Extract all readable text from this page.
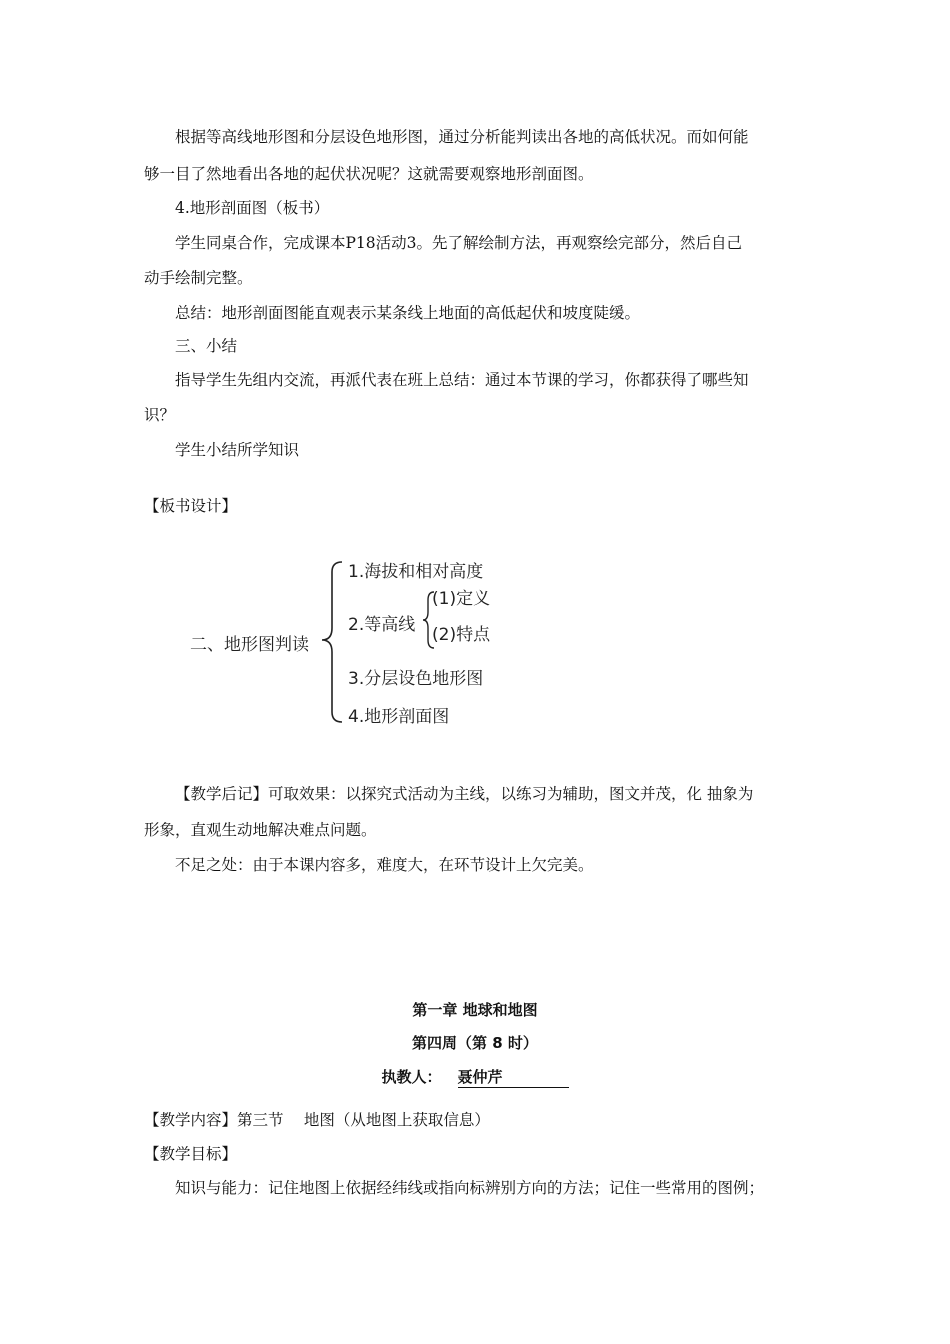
根据等高线地形图和分层设色地形图，通过分析能判读出各地的高低状况。而如何能
够一目了然地看出各地的起伏状况呢？这就需要观察地形剖面图。
4.地形剖面图（板书）
学生同桌合作，完成课本P18活动3。先了解绘制方法，再观察绘完部分，然后自己
动手绘制完整。
总结：地形剖面图能直观表示某条线上地面的高低起伏和坡度陡缓。
三、小结
指导学生先组内交流，再派代表在班上总结：通过本节课的学习，你都获得了哪些知
识？
学生小结所学知识
【板书设计】
二、地形图判读
1.海拔和相对高度
2.等高线
(1)定义
(2)特点
3.分层设色地形图
4.地形剖面图
【教学后记】可取效果：以探究式活动为主线，以练习为辅助，图文并茂，化 抽象为
形象，直观生动地解决难点问题。
不足之处：由于本课内容多，难度大，在环节设计上欠完美。
第一章 地球和地图
第四周（第 8 时）
执教人： 聂仲芹
【教学内容】第三节　 地图（从地图上获取信息）
【教学目标】
知识与能力：记住地图上依据经纬线或指向标辨别方向的方法；记住一些常用的图例；
